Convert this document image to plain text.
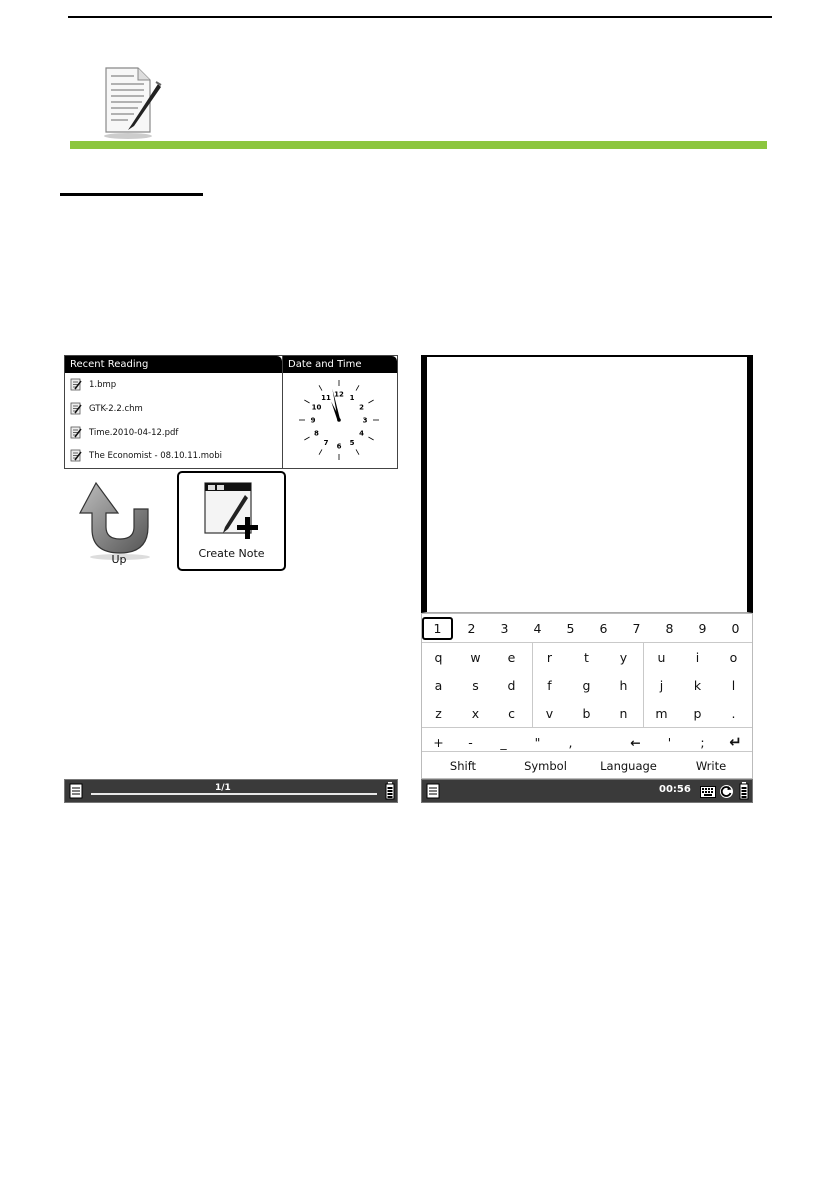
Recent Reading
1.bmp
GTK-2.2.chm
Time.2010-04-12.pdf
The Economist - 08.10.11.mobi
Date and Time
12 1
2
3
4
5
6
7
8
9
10
11
Up	Create Note
1/1
1	2	3	4	5	6	7	8	9	0
q	w	e	r	t	y	u	i	o
a	s	d	f	g	h	j	k	l
z	x	c	v	b	n	m	p	.
+	-	_	"	,	←	'	;	↵
Shift	Symbol	Language	Write
00:56
